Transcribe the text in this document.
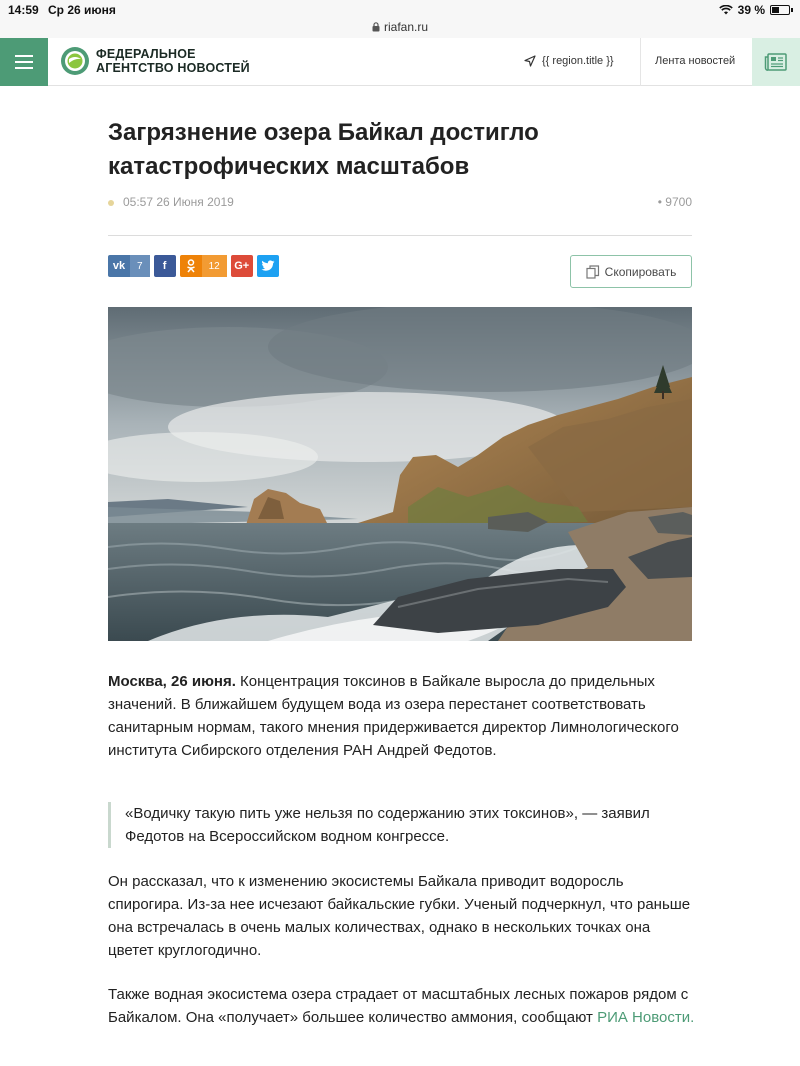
14:59 Ср 26 июня	39 %
riafan.ru
ФЕДЕРАЛЬНОЕ
АГЕНТСТВО НОВОСТЕЙ	{{ region.title }}	Лента новостей
Загрязнение озера Байкал достигло катастрофических масштабов
05:57 26 Июня 2019	• 9700
vk	7	f	12	G+	Скопировать

Москва, 26 июня. Концентрация токсинов в Байкале выросла до придельных значений. В ближайшем будущем вода из озера перестанет соответствовать санитарным нормам, такого мнения придерживается директор Лимнологического института Сибирского отделения РАН Андрей Федотов.

«Водичку такую пить уже нельзя по содержанию этих токсинов», — заявил Федотов на Всероссийском водном конгрессе.

Он рассказал, что к изменению экосистемы Байкала приводит водоросль спирогира. Из-за нее исчезают байкальские губки. Ученый подчеркнул, что раньше она встречалась в очень малых количествах, однако в нескольких точках она цветет круглогодично.

Также водная экосистема озера страдает от масштабных лесных пожаров рядом с Байкалом. Она «получает» большее количество аммония, сообщают РИА Новости.
